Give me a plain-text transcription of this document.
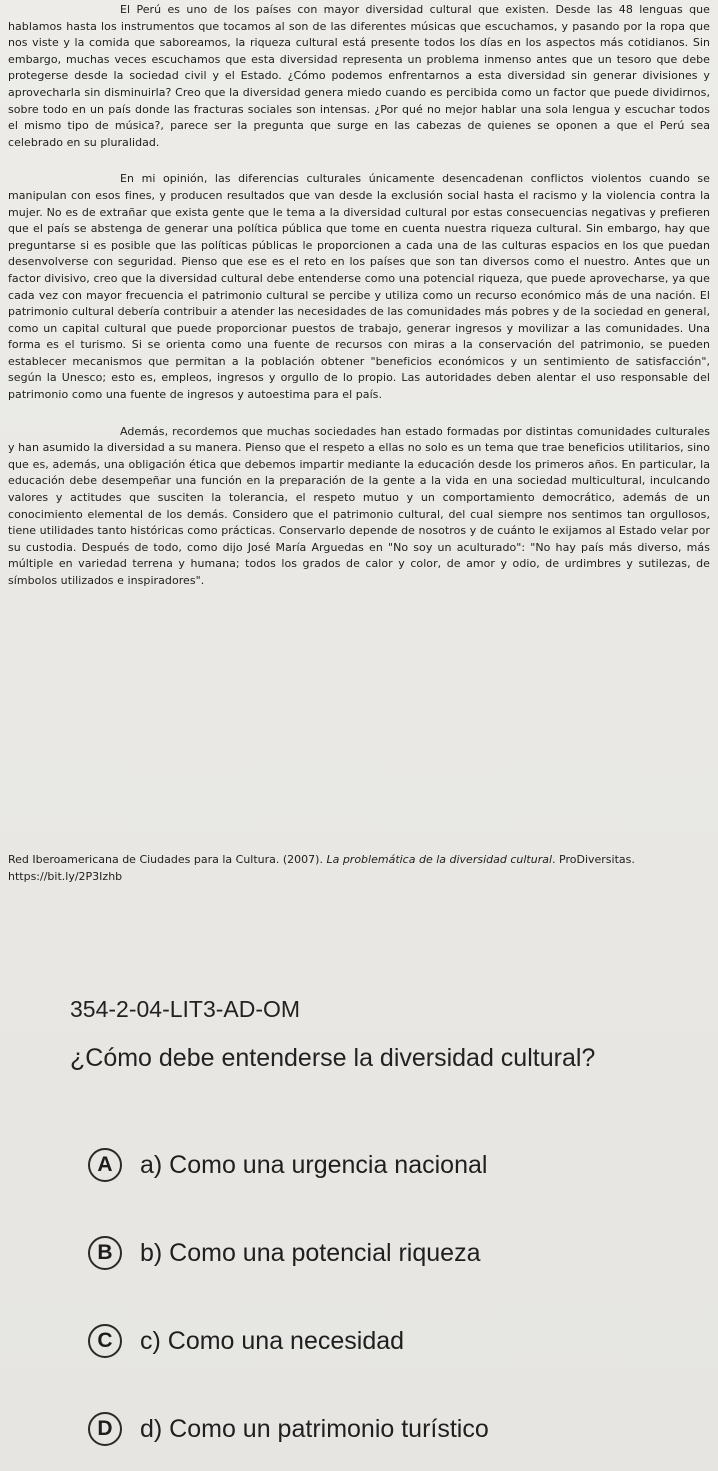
El Perú es uno de los países con mayor diversidad cultural que existen. Desde las 48 lenguas que hablamos hasta los instrumentos que tocamos al son de las diferentes músicas que escuchamos, y pasando por la ropa que nos viste y la comida que saboreamos, la riqueza cultural está presente todos los días en los aspectos más cotidianos. Sin embargo, muchas veces escuchamos que esta diversidad representa un problema inmenso antes que un tesoro que debe protegerse desde la sociedad civil y el Estado. ¿Cómo podemos enfrentarnos a esta diversidad sin generar divisiones y aprovecharla sin disminuirla? Creo que la diversidad genera miedo cuando es percibida como un factor que puede dividirnos, sobre todo en un país donde las fracturas sociales son intensas. ¿Por qué no mejor hablar una sola lengua y escuchar todos el mismo tipo de música?, parece ser la pregunta que surge en las cabezas de quienes se oponen a que el Perú sea celebrado en su pluralidad.

En mi opinión, las diferencias culturales únicamente desencadenan conflictos violentos cuando se manipulan con esos fines, y producen resultados que van desde la exclusión social hasta el racismo y la violencia contra la mujer. No es de extrañar que exista gente que le tema a la diversidad cultural por estas consecuencias negativas y prefieren que el país se abstenga de generar una política pública que tome en cuenta nuestra riqueza cultural. Sin embargo, hay que preguntarse si es posible que las políticas públicas le proporcionen a cada una de las culturas espacios en los que puedan desenvolverse con seguridad. Pienso que ese es el reto en los países que son tan diversos como el nuestro. Antes que un factor divisivo, creo que la diversidad cultural debe entenderse como una potencial riqueza, que puede aprovecharse, ya que cada vez con mayor frecuencia el patrimonio cultural se percibe y utiliza como un recurso económico más de una nación. El patrimonio cultural debería contribuir a atender las necesidades de las comunidades más pobres y de la sociedad en general, como un capital cultural que puede proporcionar puestos de trabajo, generar ingresos y movilizar a las comunidades. Una forma es el turismo. Si se orienta como una fuente de recursos con miras a la conservación del patrimonio, se pueden establecer mecanismos que permitan a la población obtener "beneficios económicos y un sentimiento de satisfacción", según la Unesco; esto es, empleos, ingresos y orgullo de lo propio. Las autoridades deben alentar el uso responsable del patrimonio como una fuente de ingresos y autoestima para el país.

Además, recordemos que muchas sociedades han estado formadas por distintas comunidades culturales y han asumido la diversidad a su manera. Pienso que el respeto a ellas no solo es un tema que trae beneficios utilitarios, sino que es, además, una obligación ética que debemos impartir mediante la educación desde los primeros años. En particular, la educación debe desempeñar una función en la preparación de la gente a la vida en una sociedad multicultural, inculcando valores y actitudes que susciten la tolerancia, el respeto mutuo y un comportamiento democrático, además de un conocimiento elemental de los demás. Considero que el patrimonio cultural, del cual siempre nos sentimos tan orgullosos, tiene utilidades tanto históricas como prácticas. Conservarlo depende de nosotros y de cuánto le exijamos al Estado velar por su custodia. Después de todo, como dijo José María Arguedas en "No soy un aculturado": "No hay país más diverso, más múltiple en variedad terrena y humana; todos los grados de calor y color, de amor y odio, de urdimbres y sutilezas, de símbolos utilizados e inspiradores".

Red Iberoamericana de Ciudades para la Cultura. (2007). La problemática de la diversidad cultural. ProDiversitas. https://bit.ly/2P3Izhb
354-2-04-LIT3-AD-OM
¿Cómo debe entenderse la diversidad cultural?
A	a) Como una urgencia nacional
B	b) Como una potencial riqueza
C	c) Como una necesidad
D	d) Como un patrimonio turístico
